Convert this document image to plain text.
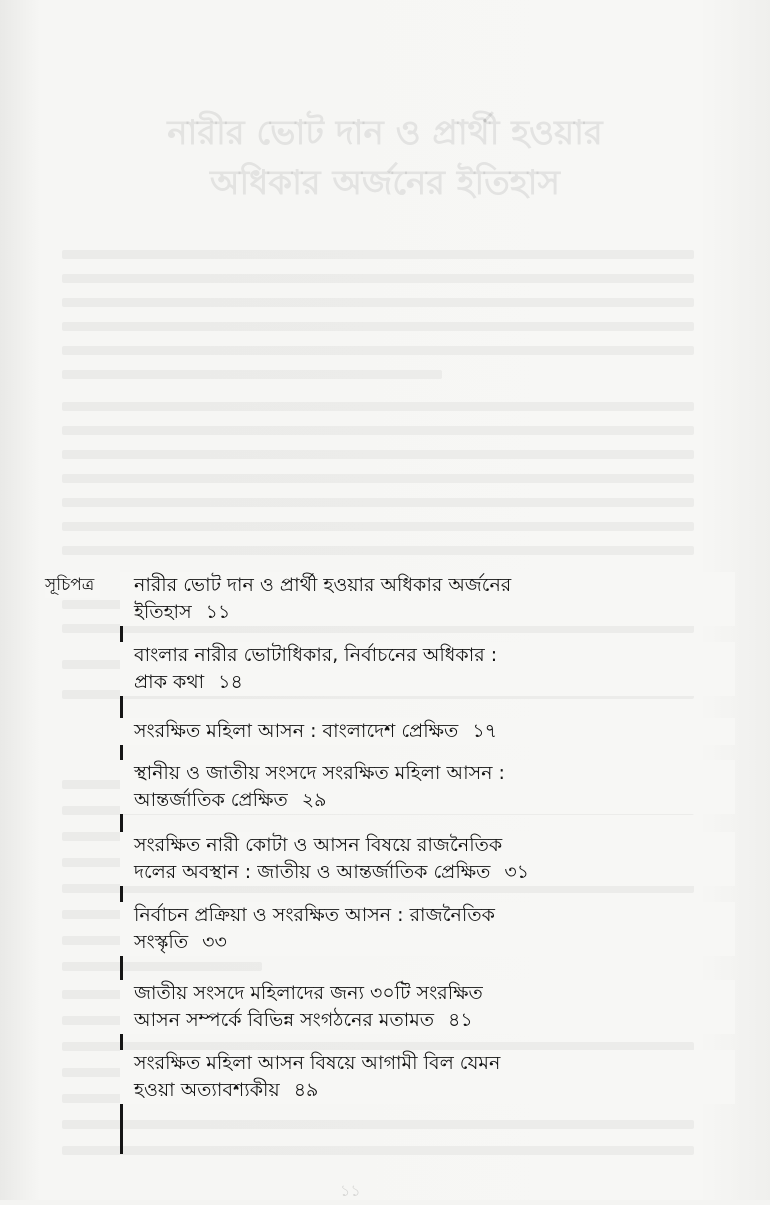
নারীর ভোট দান ও প্রার্থী হওয়ার
অধিকার অর্জনের ইতিহাস
১১
সূচিপত্র	নারীর ভোট দান ও প্রার্থী হওয়ার অধিকার অর্জনের
ইতিহাস ১১
বাংলার নারীর ভোটাধিকার, নির্বাচনের অধিকার :
প্রাক কথা ১৪
সংরক্ষিত মহিলা আসন : বাংলাদেশ প্রেক্ষিত ১৭
স্থানীয় ও জাতীয় সংসদে সংরক্ষিত মহিলা আসন :
আন্তর্জাতিক প্রেক্ষিত ২৯
সংরক্ষিত নারী কোটা ও আসন বিষয়ে রাজনৈতিক
দলের অবস্থান : জাতীয় ও আন্তর্জাতিক প্রেক্ষিত ৩১
নির্বাচন প্রক্রিয়া ও সংরক্ষিত আসন : রাজনৈতিক
সংস্কৃতি ৩৩
জাতীয় সংসদে মহিলাদের জন্য ৩০টি সংরক্ষিত
আসন সম্পর্কে বিভিন্ন সংগঠনের মতামত ৪১
সংরক্ষিত মহিলা আসন বিষয়ে আগামী বিল যেমন
হওয়া অত্যাবশ্যকীয় ৪৯
